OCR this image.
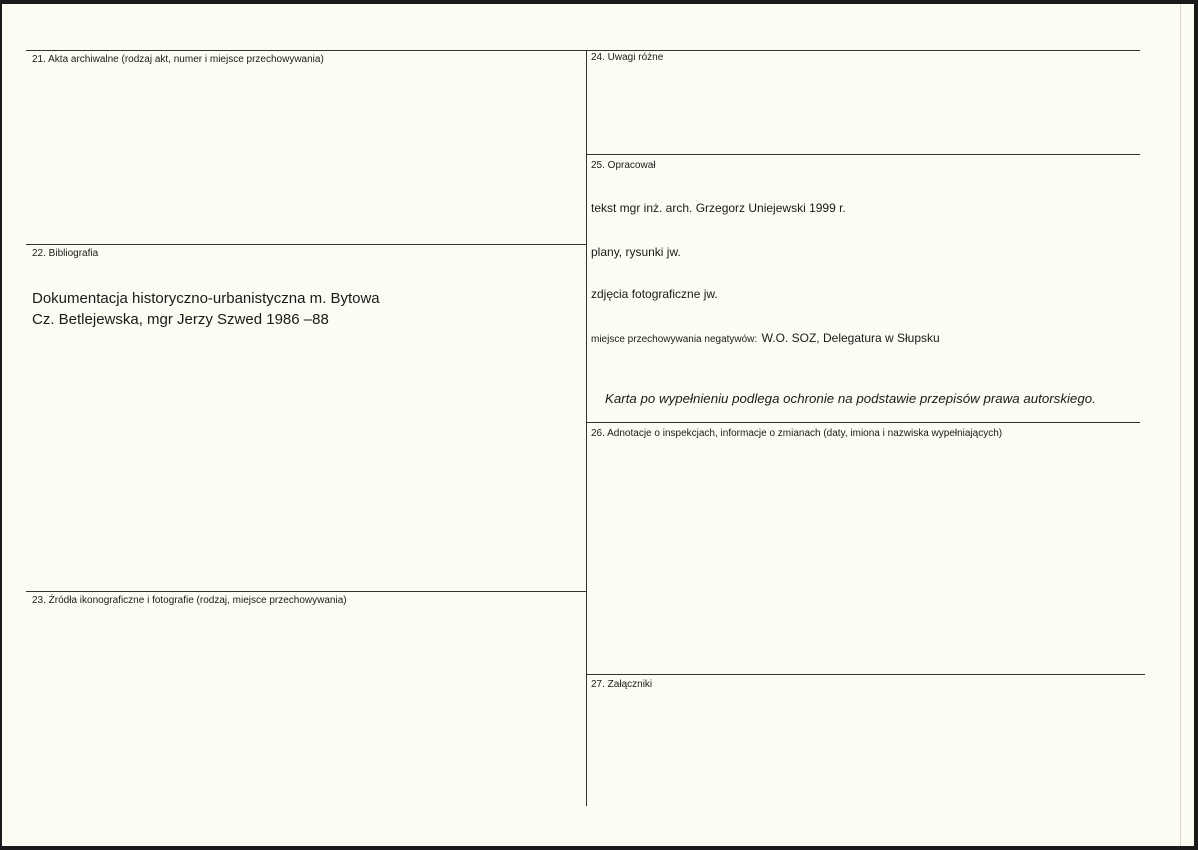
21. Akta archiwalne (rodzaj akt, numer i miejsce przechowywania)
22. Bibliografia
Dokumentacja historyczno-urbanistyczna m. Bytowa
Cz. Betlejewska, mgr Jerzy Szwed 1986 –88
23. Źródła ikonograficzne i fotografie (rodzaj, miejsce przechowywania)
24. Uwagi różne
25. Opracował
tekst mgr inż. arch. Grzegorz Uniejewski 1999 r.
plany, rysunki jw.
zdjęcia fotograficzne jw.
miejsce przechowywania negatywów: W.O. SOZ, Delegatura w Słupsku
Karta po wypełnieniu podlega ochronie na podstawie przepisów prawa autorskiego.
26. Adnotacje o inspekcjach, informacje o zmianach (daty, imiona i nazwiska wypełniających)
27. Załączniki
